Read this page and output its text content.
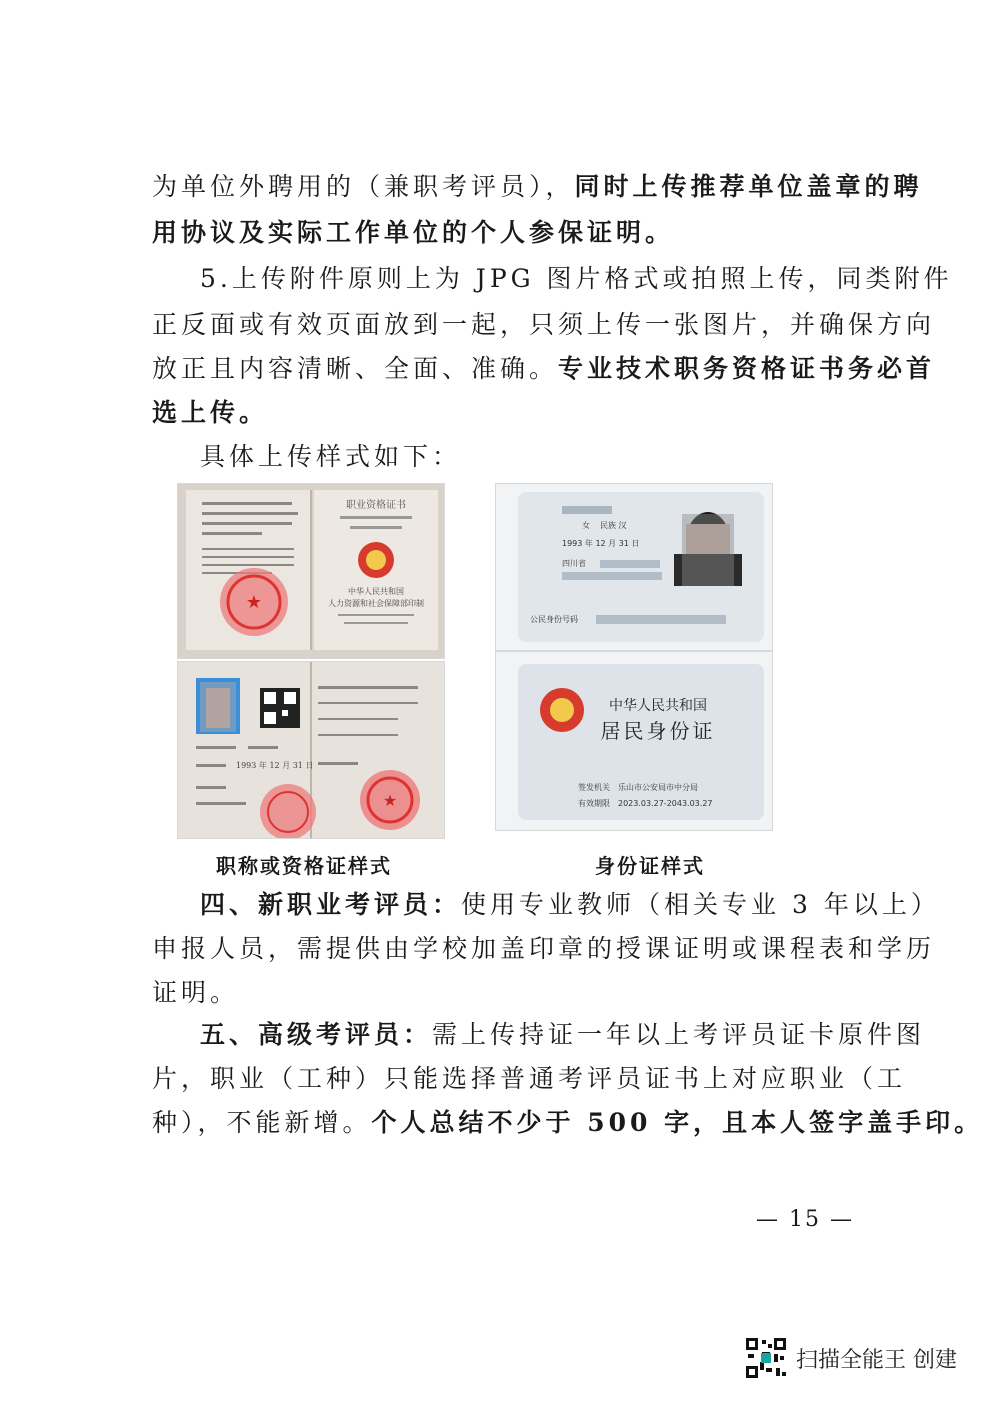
为单位外聘用的（兼职考评员），同时上传推荐单位盖章的聘
用协议及实际工作单位的个人参保证明。
5.上传附件原则上为 JPG 图片格式或拍照上传，同类附件
正反面或有效页面放到一起，只须上传一张图片，并确保方向
放正且内容清晰、全面、准确。专业技术职务资格证书务必首
选上传。
具体上传样式如下：
★
职业资格证书
中华人民共和国
人力资源和社会保障部印制
1993 年 12 月 31 日
★
女 民族 汉
1993 年 12 月 31 日
四川省
公民身份号码
中华人民共和国
居民身份证
签发机关 乐山市公安局市中分局
有效期限 2023.03.27-2043.03.27
职称或资格证样式	身份证样式
四、新职业考评员：使用专业教师（相关专业 3 年以上）
申报人员，需提供由学校加盖印章的授课证明或课程表和学历
证明。
五、高级考评员：需上传持证一年以上考评员证卡原件图
片，职业（工种）只能选择普通考评员证书上对应职业（工
种），不能新增。个人总结不少于 500 字，且本人签字盖手印。
— 15 —
扫描全能王 创建
